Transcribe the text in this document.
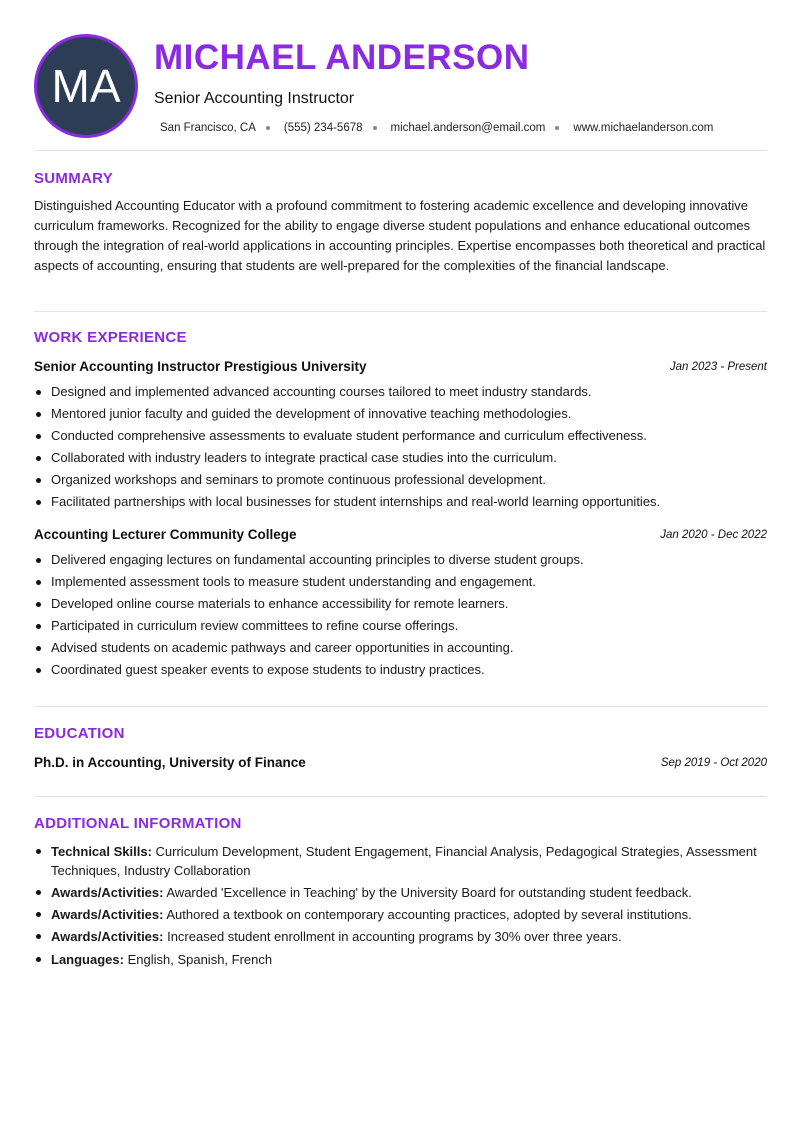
MA
MICHAEL ANDERSON
Senior Accounting Instructor
San Francisco, CA (555) 234-5678 michael.anderson@email.com www.michaelanderson.com
SUMMARY
Distinguished Accounting Educator with a profound commitment to fostering academic excellence and developing innovative curriculum frameworks. Recognized for the ability to engage diverse student populations and enhance educational outcomes through the integration of real-world applications in accounting principles. Expertise encompasses both theoretical and practical aspects of accounting, ensuring that students are well-prepared for the complexities of the financial landscape.
WORK EXPERIENCE
Senior Accounting Instructor Prestigious University	Jan 2023 - Present
Designed and implemented advanced accounting courses tailored to meet industry standards.
Mentored junior faculty and guided the development of innovative teaching methodologies.
Conducted comprehensive assessments to evaluate student performance and curriculum effectiveness.
Collaborated with industry leaders to integrate practical case studies into the curriculum.
Organized workshops and seminars to promote continuous professional development.
Facilitated partnerships with local businesses for student internships and real-world learning opportunities.
Accounting Lecturer Community College	Jan 2020 - Dec 2022
Delivered engaging lectures on fundamental accounting principles to diverse student groups.
Implemented assessment tools to measure student understanding and engagement.
Developed online course materials to enhance accessibility for remote learners.
Participated in curriculum review committees to refine course offerings.
Advised students on academic pathways and career opportunities in accounting.
Coordinated guest speaker events to expose students to industry practices.
EDUCATION
Ph.D. in Accounting, University of Finance	Sep 2019 - Oct 2020
ADDITIONAL INFORMATION
Technical Skills: Curriculum Development, Student Engagement, Financial Analysis, Pedagogical Strategies, Assessment Techniques, Industry Collaboration
Awards/Activities: Awarded 'Excellence in Teaching' by the University Board for outstanding student feedback.
Awards/Activities: Authored a textbook on contemporary accounting practices, adopted by several institutions.
Awards/Activities: Increased student enrollment in accounting programs by 30% over three years.
Languages: English, Spanish, French
